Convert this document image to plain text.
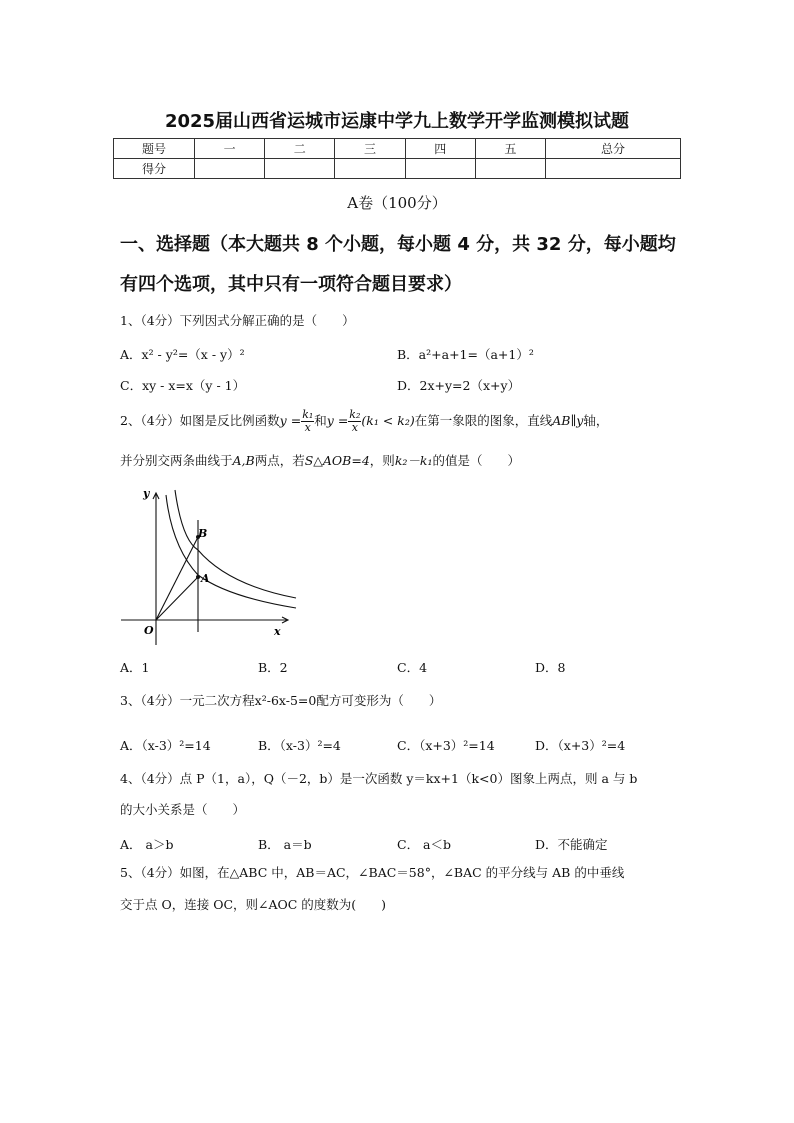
2025届山西省运城市运康中学九上数学开学监测模拟试题
题号	一	二	三	四	五	总分
得分						
A卷（100分）
一、选择题（本大题共 8 个小题，每小题 4 分，共 32 分，每小题均
有四个选项，其中只有一项符合题目要求）
1、（4分）下列因式分解正确的是（　　）
A．x² - y²=（x - y）²	B．a²+a+1=（a+1）²
C．xy - x=x（y - 1）	D．2x+y=2（x+y）
2、（4分）如图是反比例函数$y = \frac{\text{k₁}}{x}$ 和$y = \frac{\text{k₂}}{x} (k_1 < k_2)$在第一象限的图象，直线AB∥y轴，
并分别交两条曲线于A,B两点，若S△AOB=4，则k₂－k₁的值是（　　）
y
x
O
A
B
A．1	B．2	C．4	D．8
3、（4分）一元二次方程x²-6x-5=0配方可变形为（　　）
A．（x-3）²=14	B．（x-3）²=4	C．（x+3）²=14	D．（x+3）²=4
4、（4分）点 P（1，a），Q（－2，b）是一次函数 y＝kx+1（k<0）图象上两点，则 a 与 b
的大小关系是（　　）
A． a＞b	B． a＝b	C． a＜b	D．不能确定
5、（4分）如图，在△ABC 中，AB＝AC，∠BAC＝58°，∠BAC 的平分线与 AB 的中垂线
交于点 O，连接 OC，则∠AOC 的度数为(　　)
